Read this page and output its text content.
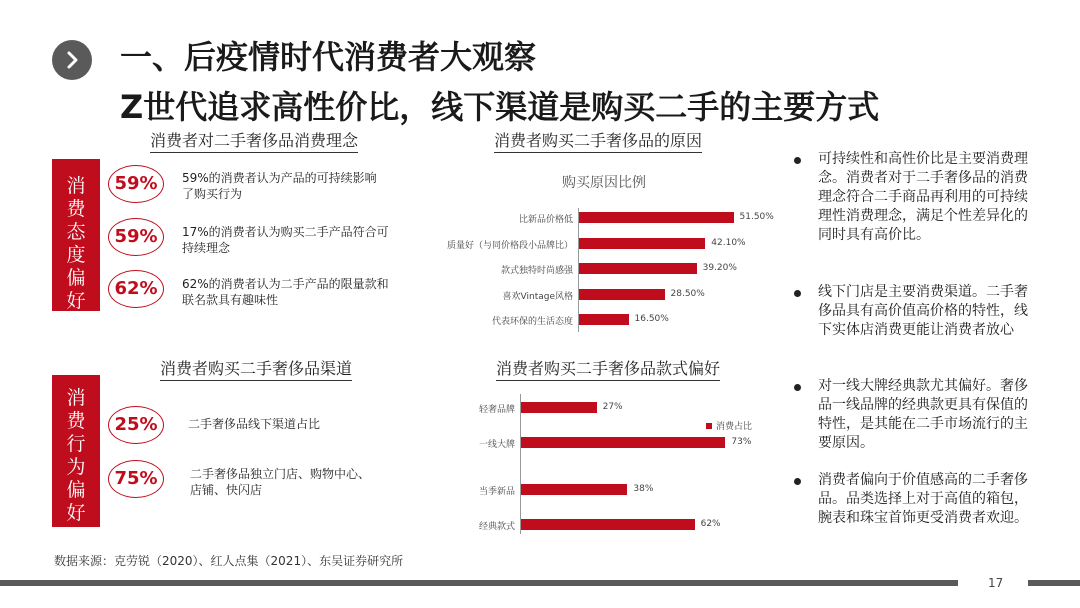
一、后疫情时代消费者大观察
Z世代追求高性价比，线下渠道是购买二手的主要方式
消费者对二手奢侈品消费理念
消费态度偏好
59%	59%的消费者认为产品的可持续影响了购买行为
59%	17%的消费者认为购买二手产品符合可持续理念
62%	62%的消费者认为二手产品的限量款和联名款具有趣味性
消费者购买二手奢侈品渠道
消费行为偏好
25%	二手奢侈品线下渠道占比
75%	二手奢侈品独立门店、购物中心、店铺、快闪店
消费者购买二手奢侈品的原因
购买原因比例
比新品价格低	51.50%
质量好（与同价格段小品牌比）	42.10%
款式独特时尚感强	39.20%
喜欢Vintage风格	28.50%
代表环保的生活态度	16.50%
消费者购买二手奢侈品款式偏好
消费占比
轻奢品牌	27%
一线大牌	73%
当季新品	38%
经典款式	62%
可持续性和高性价比是主要消费理念。消费者对于二手奢侈品的消费理念符合二手商品再利用的可持续理性消费理念，满足个性差异化的同时具有高价比。
线下门店是主要消费渠道。二手奢侈品具有高价值高价格的特性，线下实体店消费更能让消费者放心
对一线大牌经典款尤其偏好。奢侈品一线品牌的经典款更具有保值的特性，是其能在二手市场流行的主要原因。
消费者偏向于价值感高的二手奢侈品。品类选择上对于高值的箱包，腕表和珠宝首饰更受消费者欢迎。
数据来源：克劳锐（2020）、红人点集（2021）、东吴证券研究所
17
